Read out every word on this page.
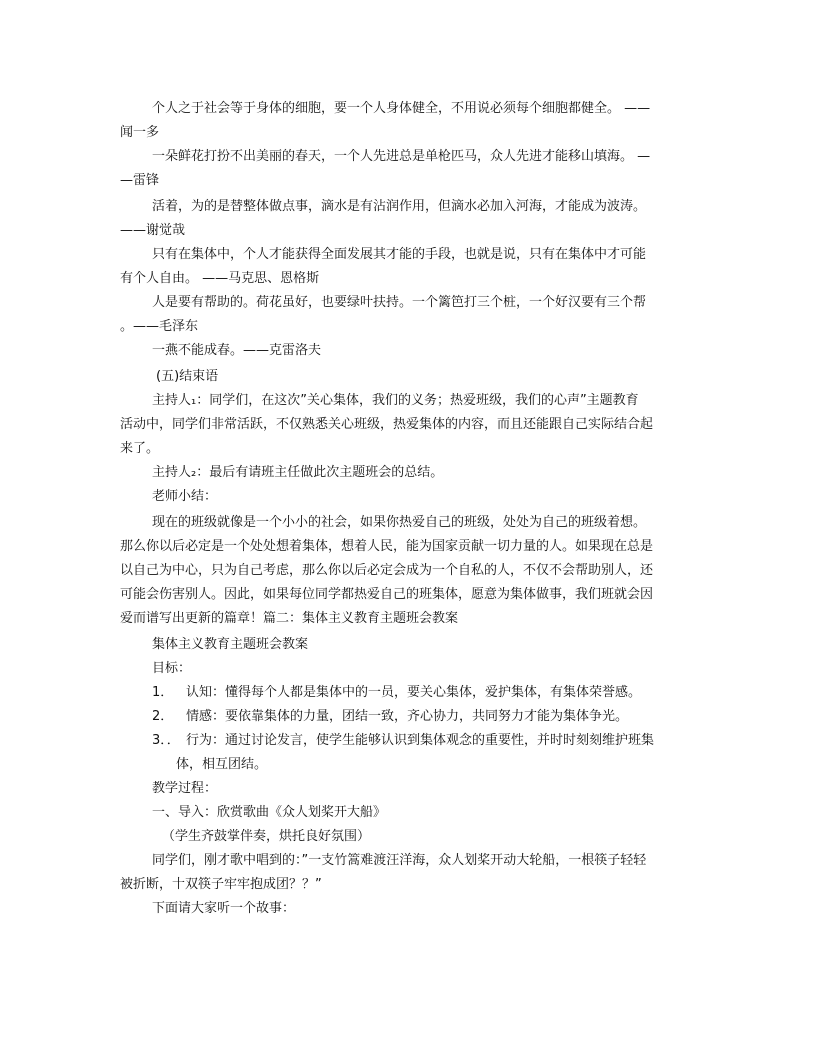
个人之于社会等于身体的细胞，要一个人身体健全，不用说必须每个细胞都健全。 ——
闻一多
一朵鲜花打扮不出美丽的春天，一个人先进总是单枪匹马，众人先进才能移山填海。 —
—雷锋
活着，为的是替整体做点事，滴水是有沾润作用，但滴水必加入河海，才能成为波涛。
——谢觉哉
只有在集体中，个人才能获得全面发展其才能的手段，也就是说，只有在集体中才可能
有个人自由。 ——马克思、恩格斯
人是要有帮助的。荷花虽好，也要绿叶扶持。一个篱笆打三个桩，一个好汉要有三个帮
。——毛泽东
一燕不能成春。——克雷洛夫
(五)结束语
主持人₁：同学们，在这次”关心集体，我们的义务；热爱班级，我们的心声”主题教育
活动中，同学们非常活跃，不仅熟悉关心班级，热爱集体的内容，而且还能跟自己实际结合起
来了。
主持人₂：最后有请班主任做此次主题班会的总结。
老师小结：
现在的班级就像是一个小小的社会，如果你热爱自己的班级，处处为自己的班级着想。
那么你以后必定是一个处处想着集体，想着人民，能为国家贡献一切力量的人。如果现在总是
以自己为中心，只为自己考虑，那么你以后必定会成为一个自私的人，不仅不会帮助别人，还
可能会伤害别人。因此，如果每位同学都热爱自己的班集体，愿意为集体做事，我们班就会因
爱而谱写出更新的篇章！篇二：集体主义教育主题班会教案
集体主义教育主题班会教案
目标：
1． 认知：懂得每个人都是集体中的一员，要关心集体，爱护集体，有集体荣誉感。
2． 情感：要依靠集体的力量，团结一致，齐心协力，共同努力才能为集体争光。
3．． 行为：通过讨论发言，使学生能够认识到集体观念的重要性，并时时刻刻维护班集
体，相互团结。
教学过程：
一、导入：欣赏歌曲《众人划桨开大船》
（学生齐鼓掌伴奏，烘托良好氛围）
同学们，刚才歌中唱到的：”一支竹篙难渡汪洋海，众人划桨开动大轮船，一根筷子轻轻
被折断，十双筷子牢牢抱成团？？”
下面请大家听一个故事：
